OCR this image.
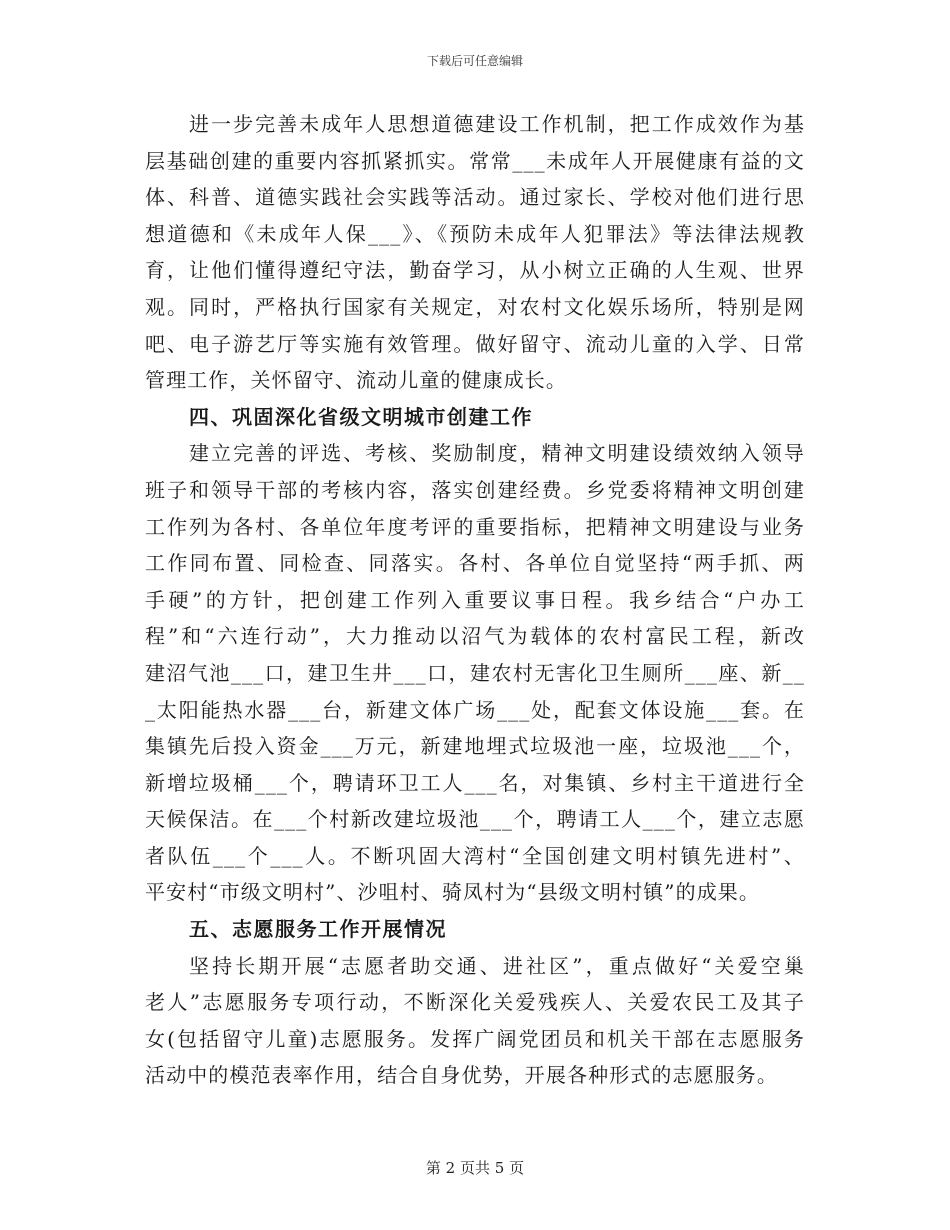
下载后可任意编辑
进一步完善未成年人思想道德建设工作机制，把工作成效作为基
层基础创建的重要内容抓紧抓实。常常___未成年人开展健康有益的文
体、科普、道德实践社会实践等活动。通过家长、学校对他们进行思
想道德和《未成年人保___》、《预防未成年人犯罪法》等法律法规教
育，让他们懂得遵纪守法，勤奋学习，从小树立正确的人生观、世界
观。同时，严格执行国家有关规定，对农村文化娱乐场所，特别是网
吧、电子游艺厅等实施有效管理。做好留守、流动儿童的入学、日常
管理工作，关怀留守、流动儿童的健康成长。
四、巩固深化省级文明城市创建工作
建立完善的评选、考核、奖励制度，精神文明建设绩效纳入领导
班子和领导干部的考核内容，落实创建经费。乡党委将精神文明创建
工作列为各村、各单位年度考评的重要指标，把精神文明建设与业务
工作同布置、同检查、同落实。各村、各单位自觉坚持“两手抓、两
手硬”的方针，把创建工作列入重要议事日程。我乡结合“户办工
程”和“六连行动”，大力推动以沼气为载体的农村富民工程，新改
建沼气池___口，建卫生井___口，建农村无害化卫生厕所___座、新__
_太阳能热水器___台，新建文体广场___处，配套文体设施___套。在
集镇先后投入资金___万元，新建地埋式垃圾池一座，垃圾池___个，
新增垃圾桶___个，聘请环卫工人___名，对集镇、乡村主干道进行全
天候保洁。在___个村新改建垃圾池___个，聘请工人___个，建立志愿
者队伍___个___人。不断巩固大湾村“全国创建文明村镇先进村”、
平安村“市级文明村”、沙咀村、骑凤村为“县级文明村镇”的成果。
五、志愿服务工作开展情况
坚持长期开展“志愿者助交通、进社区”，重点做好“关爱空巢
老人”志愿服务专项行动，不断深化关爱残疾人、关爱农民工及其子
女(包括留守儿童)志愿服务。发挥广阔党团员和机关干部在志愿服务
活动中的模范表率作用，结合自身优势，开展各种形式的志愿服务。
第 2 页共 5 页
